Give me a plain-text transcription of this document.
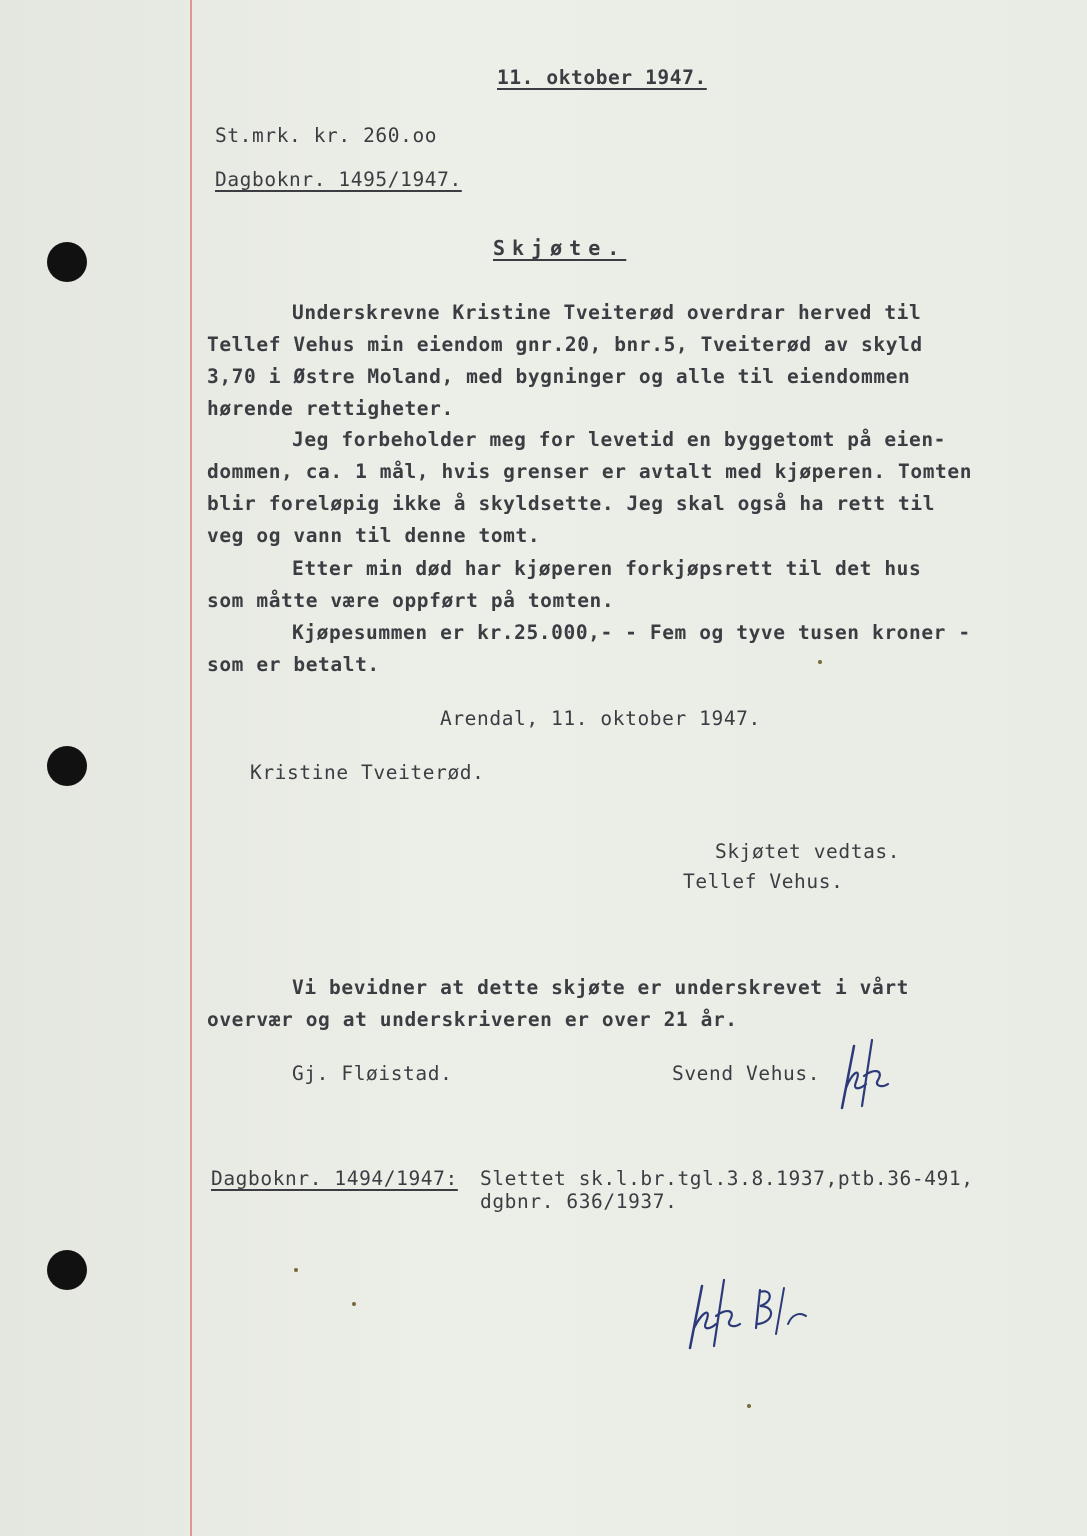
11. oktober 1947.
St.mrk. kr. 260.oo
Dagboknr. 1495/1947.
Skjøte.
Underskrevne Kristine Tveiterød overdrar herved til
Tellef Vehus min eiendom gnr.20, bnr.5, Tveiterød av skyld
3,70 i Østre Moland, med bygninger og alle til eiendommen
hørende rettigheter.
Jeg forbeholder meg for levetid en byggetomt på eien-
dommen, ca. 1 mål, hvis grenser er avtalt med kjøperen. Tomten
blir foreløpig ikke å skyldsette. Jeg skal også ha rett til
veg og vann til denne tomt.
Etter min død har kjøperen forkjøpsrett til det hus
som måtte være oppført på tomten.
Kjøpesummen er kr.25.000,- - Fem og tyve tusen kroner -
som er betalt.
Arendal, 11. oktober 1947.
Kristine Tveiterød.
Skjøtet vedtas.
Tellef Vehus.
Vi bevidner at dette skjøte er underskrevet i vårt
overvær og at underskriveren er over 21 år.
Gj. Fløistad.	Svend Vehus.
Dagboknr. 1494/1947: Slettet sk.l.br.tgl.3.8.1937,ptb.36-491,
dgbnr. 636/1937.
